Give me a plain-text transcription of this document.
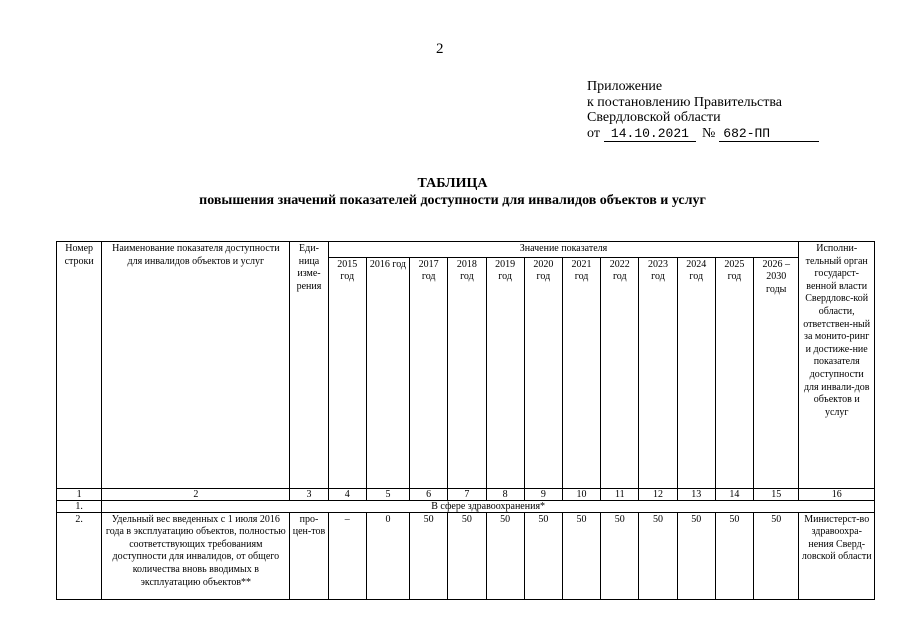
2
Приложение
к постановлению Правительства
Свердловской области
от 14.10.2021 № 682-ПП
ТАБЛИЦА
повышения значений показателей доступности для инвалидов объектов и услуг
Номер строки	Наименование показателя доступности для инвалидов объектов и услуг	Еди-ница изме-рения	Значение показателя												Исполни-тельный орган государст-венной власти Свердловс-кой области, ответствен-ный за монито-ринг и достиже-ние показателя доступности для инвали-дов объектов и услуг
			2015 год	2016 год	2017 год	2018 год	2019 год	2020 год	2021 год	2022 год	2023 год	2024 год	2025 год	2026 – 2030 годы	
1	2	3	4	5	6	7	8	9	10	11	12	13	14	15	16
1.	В сфере здравоохранения*														
2.	Удельный вес введенных с 1 июля 2016 года в эксплуатацию объектов, полностью соответствующих требованиям доступности для инвалидов, от общего количества вновь вводимых в эксплуатацию объектов**	про-цен-тов	–	0	50	50	50	50	50	50	50	50	50	50	Министерст-во здравоохра-нения Сверд-ловской области
